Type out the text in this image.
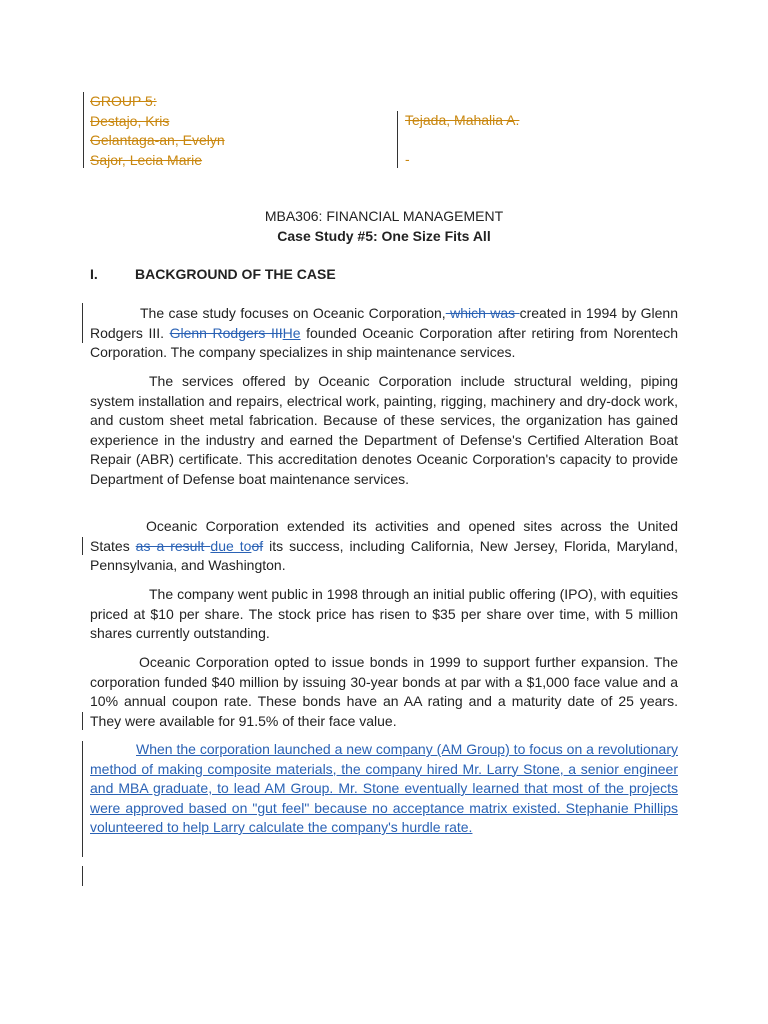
GROUP 5:
Destajo, Kris
Gelantaga-an, Evelyn
Sajor, Lecia Marie
Tejada, Mahalia A.

-
MBA306: FINANCIAL MANAGEMENT
Case Study #5: One Size Fits All
I.	BACKGROUND OF THE CASE
The case study focuses on Oceanic Corporation, which was created in 1994 by Glenn Rodgers III. Glenn Rodgers IIIHe founded Oceanic Corporation after retiring from Norentech Corporation. The company specializes in ship maintenance services.
The services offered by Oceanic Corporation include structural welding, piping system installation and repairs, electrical work, painting, rigging, machinery and dry-dock work, and custom sheet metal fabrication. Because of these services, the organization has gained experience in the industry and earned the Department of Defense's Certified Alteration Boat Repair (ABR) certificate. This accreditation denotes Oceanic Corporation's capacity to provide Department of Defense boat maintenance services.
Oceanic Corporation extended its activities and opened sites across the United States as a result due toof its success, including California, New Jersey, Florida, Maryland, Pennsylvania, and Washington.
The company went public in 1998 through an initial public offering (IPO), with equities priced at $10 per share. The stock price has risen to $35 per share over time, with 5 million shares currently outstanding.
Oceanic Corporation opted to issue bonds in 1999 to support further expansion. The corporation funded $40 million by issuing 30-year bonds at par with a $1,000 face value and a 10% annual coupon rate. These bonds have an AA rating and a maturity date of 25 years. They were available for 91.5% of their face value.
When the corporation launched a new company (AM Group) to focus on a revolutionary method of making composite materials, the company hired Mr. Larry Stone, a senior engineer and MBA graduate, to lead AM Group. Mr. Stone eventually learned that most of the projects were approved based on "gut feel" because no acceptance matrix existed. Stephanie Phillips volunteered to help Larry calculate the company's hurdle rate.
